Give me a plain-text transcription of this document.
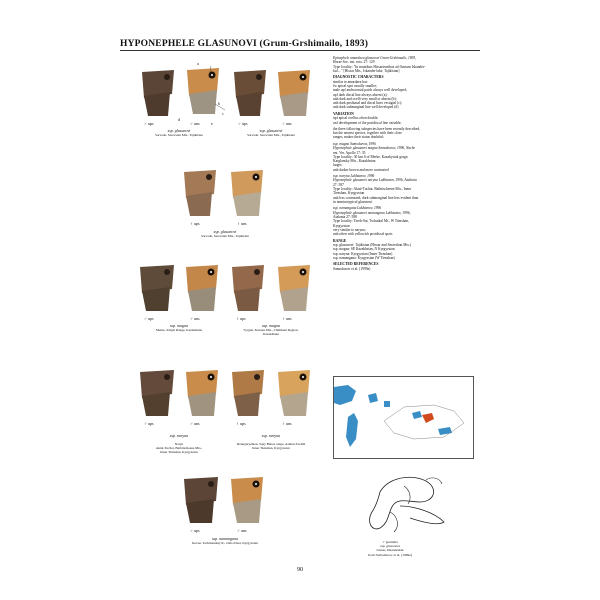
HYPONEPHELE GLASUNOVI (Grum-Grshimailo, 1893)
a
b
c
d
e
♂ ups	♂ uns	♂ ups	♂ uns
ssp. glasunovi
Sarvada, Sarevsian Mts., Tajikistan
ssp. glasunovi
Sarvada, Sarevsian Mts., Tajikistan
♀ ups	♀ uns
ssp. glasunovi
Sarvada, Sarevsian Mts., Tajikistan
♂ ups	♂ uns	♀ ups	♀ uns
ssp. magna
Merke, Kirgiz Range, Kazakhstan
ssp. magna
Syrgan, Kuraxu Mts., Chimkent Region, Kazakhstan
♂ ups	♂ uns	♀ ups	♀ uns

ssp. naryna

Naryn
Aktal-Tuchat, Baibitscheene Mts.,
Inner Tienshan, Kyrgyzstan

ssp. naryna

Dzungaryemen, Susy Baitas range, Ashtan-Tuckhi
Inner Tienshan, Kyrgyzstan

♂ ups	♂ uns
ssp. namangana
Keven, Tachmanskiy R., Osh oblast, Kyrgyzstan
Epinephele amardaea glasunovi Grum-Grshimailo, 1893,
Horae Soc. ent. ross. 27: 129
Type locality: "In montibus Hissariensibus ad fluvium Iskander-
kul…" [Hissar Mts., Iskander lake, Tajikistan]
DIAGNOSTIC CHARACTERS
similar to amardaea but:
fw apical spot usually smaller;
male upf androconial patch always well developed;
upf dark discal line always absent (a);
unh dark and ocelli very small or absent (b);
unh dark postbasal and discal lines vestigial (c);
unh dark submarginal line well developed (d)
VARIATION
upf apical ocellus often double;
unf development of the postdiscal line variable;
the three following subspecies have been recently described,
but the nearest species, together with their close
ranges, makes their status doubtful:
ssp. magna Samodurow, 1996
Hyponephele glasunovi magna Samodurow, 1996, Nachr.
ent. Ver. Apollo 17: 35
Type locality: 30 km S of Merke, Kazakystak gorge,
Karglansky Mts., Kazakhstan
larger;
unh darker brown and more contrasted
ssp. naryna Lukhtanov, 1996
Hyponephele glasunovi naryna Lukhtanov, 1996, Atalanta
27: 587
Type locality: Aktal-Tuchat, Baibitscheene Mts., Inner
Tienshan, Kyrgyzstan
unh less contrasted, dark submarginal line less evident than
in nominotypical glasunovi
ssp. namangana Lukhtanov, 1996
Hyponephele glasunovi namangana Lukhtanov, 1996,
Atalanta 27: 588
Type locality: Terek-Sai, Tschatkal Mt., W Tienshan,
Kyrgyzstan
very similar to naryna;
unh often with yellowish postdiscal spots
RANGE
ssp. glasunovi: Tajikistan (Hissar and Seravshan Mts.)
ssp. magna: SE Kazakhstan, N Kyrgyzstan
ssp. naryna: Kyrgyzstan (Inner Tienshan)
ssp. namangana: Kyrgyzstan (W Tienshan)
SELECTED REFERENCES
Samodurow et al. (1999a)
♂ genitalia
ssp. glasunovi
Gissar, Iskanderkul
from Samodurow et al. (1999a)
90
